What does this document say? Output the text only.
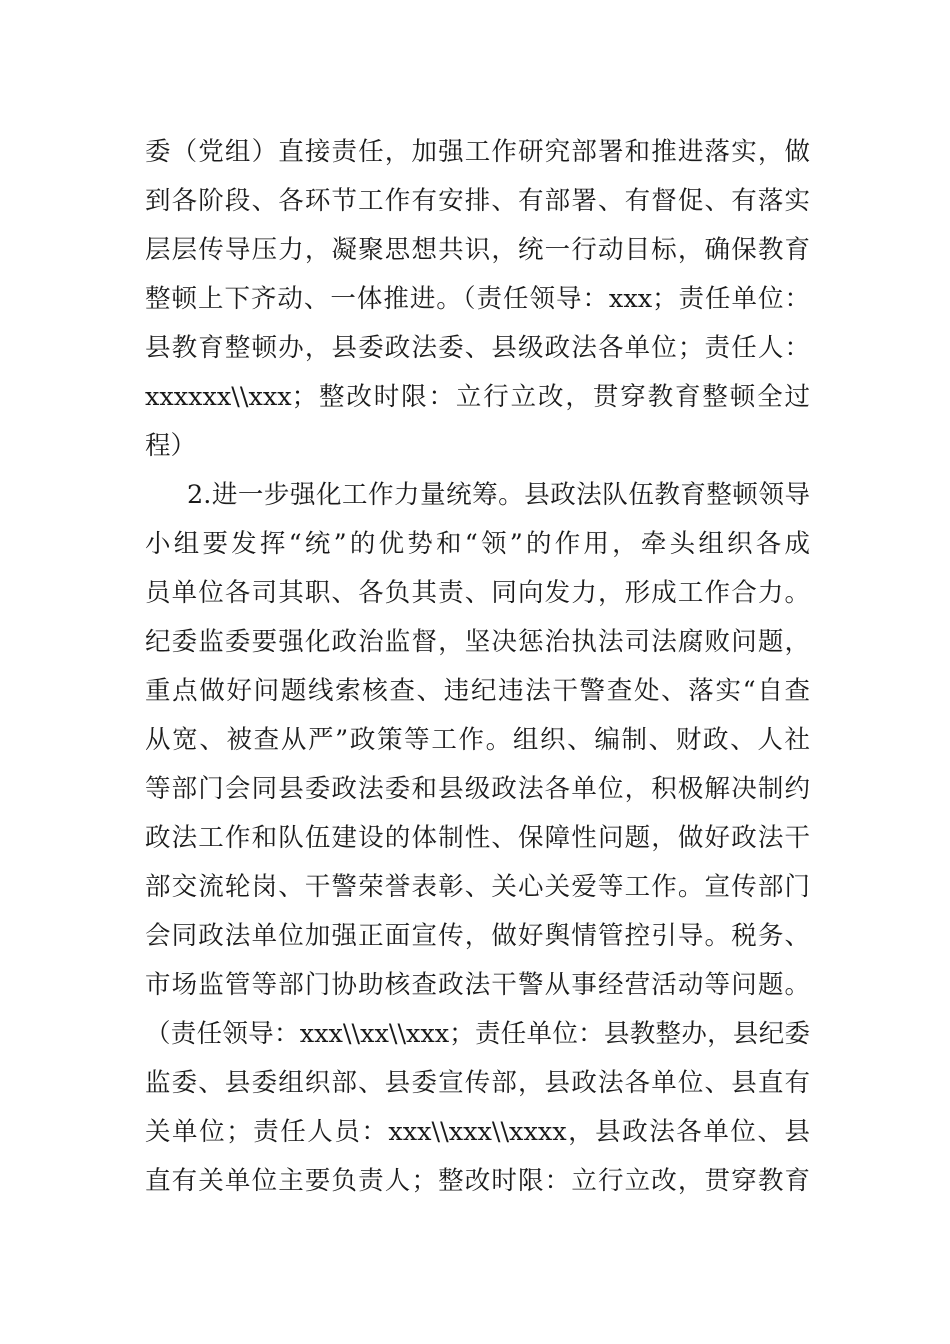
委（党组）直接责任，加强工作研究部署和推进落实，做
到各阶段、各环节工作有安排、有部署、有督促、有落实
层层传导压力，凝聚思想共识，统一行动目标，确保教育
整顿上下齐动、一体推进。（责任领导：xxx；责任单位：
县教育整顿办，县委政法委、县级政法各单位；责任人：
xxxxxx\\xxx；整改时限：立行立改，贯穿教育整顿全过
程）
2.进一步强化工作力量统筹。县政法队伍教育整顿领导
小组要发挥“统”的优势和“领”的作用，牵头组织各成
员单位各司其职、各负其责、同向发力，形成工作合力。
纪委监委要强化政治监督，坚决惩治执法司法腐败问题，
重点做好问题线索核查、违纪违法干警查处、落实“自查
从宽、被查从严”政策等工作。组织、编制、财政、人社
等部门会同县委政法委和县级政法各单位，积极解决制约
政法工作和队伍建设的体制性、保障性问题，做好政法干
部交流轮岗、干警荣誉表彰、关心关爱等工作。宣传部门
会同政法单位加强正面宣传，做好舆情管控引导。税务、
市场监管等部门协助核查政法干警从事经营活动等问题。
（责任领导：xxx\\xx\\xxx；责任单位：县教整办，县纪委
监委、县委组织部、县委宣传部，县政法各单位、县直有
关单位；责任人员：xxx\\xxx\\xxxx，县政法各单位、县
直有关单位主要负责人；整改时限：立行立改，贯穿教育
